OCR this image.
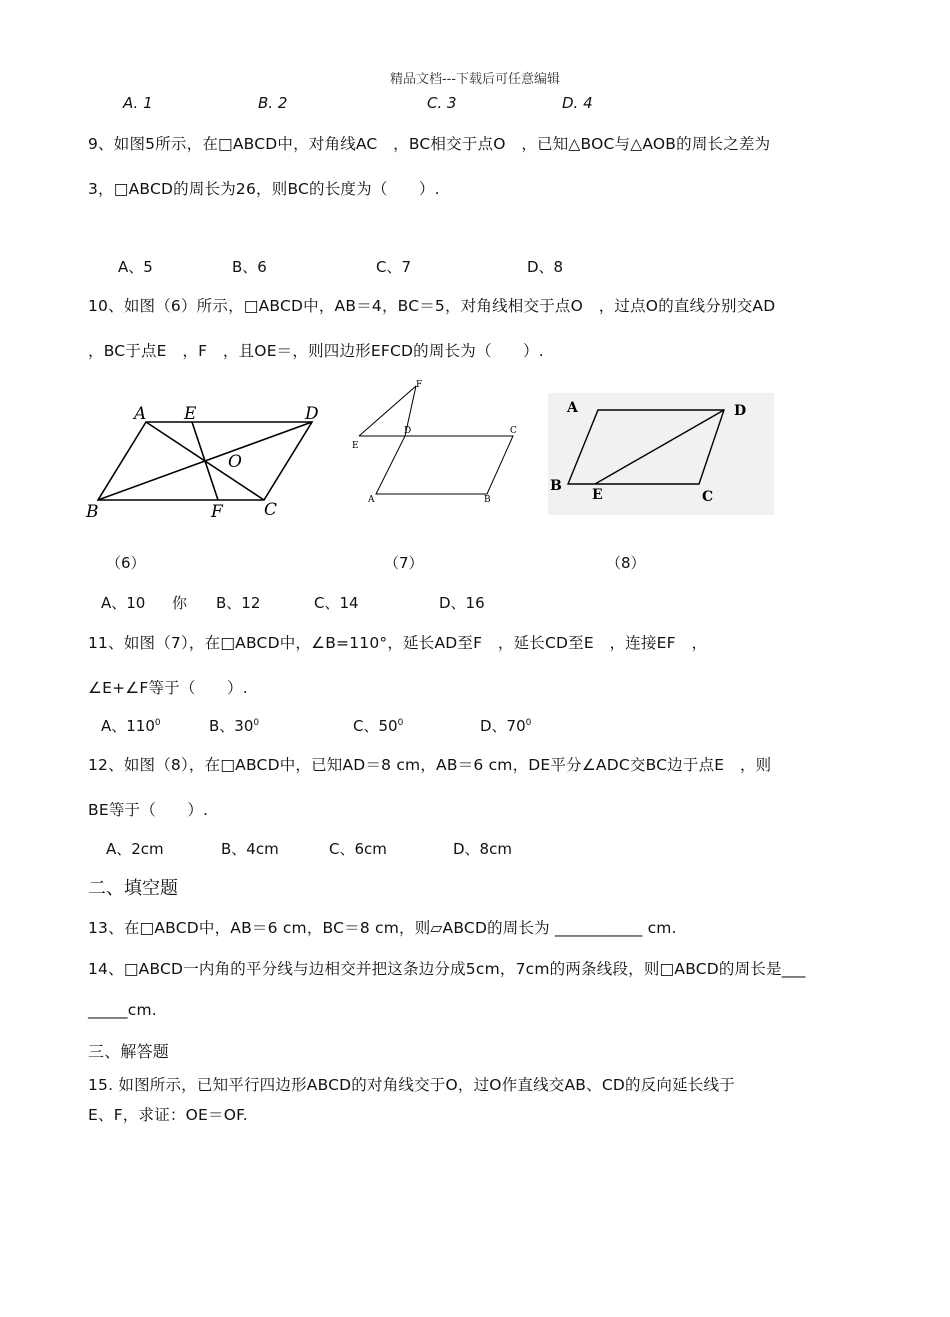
精品文档---下载后可任意编辑
A. 1	B. 2	C. 3	D. 4
9、如图5所示，在□ABCD中，对角线AC　，BC相交于点O　，已知△BOC与△AOB的周长之差为
3，□ABCD的周长为26，则BC的长度为（　　）.
A、5	B、6	C、7	D、8
10、如图（6）所示，□ABCD中，AB＝4，BC＝5，对角线相交于点O　，过点O的直线分别交AD
，BC于点E　，F　，且OE＝，则四边形EFCD的周长为（　　）.
A E	D
O
B	F C
F
E
D	C
A	B
A	D
B
E	C
（6）	（7）	（8）
A、10 你 B、12	C、14	D、16
11、如图（7），在□ABCD中，∠B=110°，延长AD至F　，延长CD至E　，连接EF　，
∠E+∠F等于（　　）.
A、$110^0$	B、$30^0$	C、$50^0$	D、$70^0$
12、如图（8），在□ABCD中，已知AD＝8 cm，AB＝6 cm，DE平分∠ADC交BC边于点E　，则
BE等于（　　）.
A、2cm	B、4cm	C、6cm	D、8cm
二、填空题
13、在□ABCD中，AB＝6 cm，BC＝8 cm，则▱ABCD的周长为 ___________ cm.
14、□ABCD一内角的平分线与边相交并把这条边分成5cm，7cm的两条线段，则□ABCD的周长是___
_____cm.
三、解答题
15. 如图所示，已知平行四边形ABCD的对角线交于O，过O作直线交AB、CD的反向延长线于
E、F，求证：OE＝OF.
